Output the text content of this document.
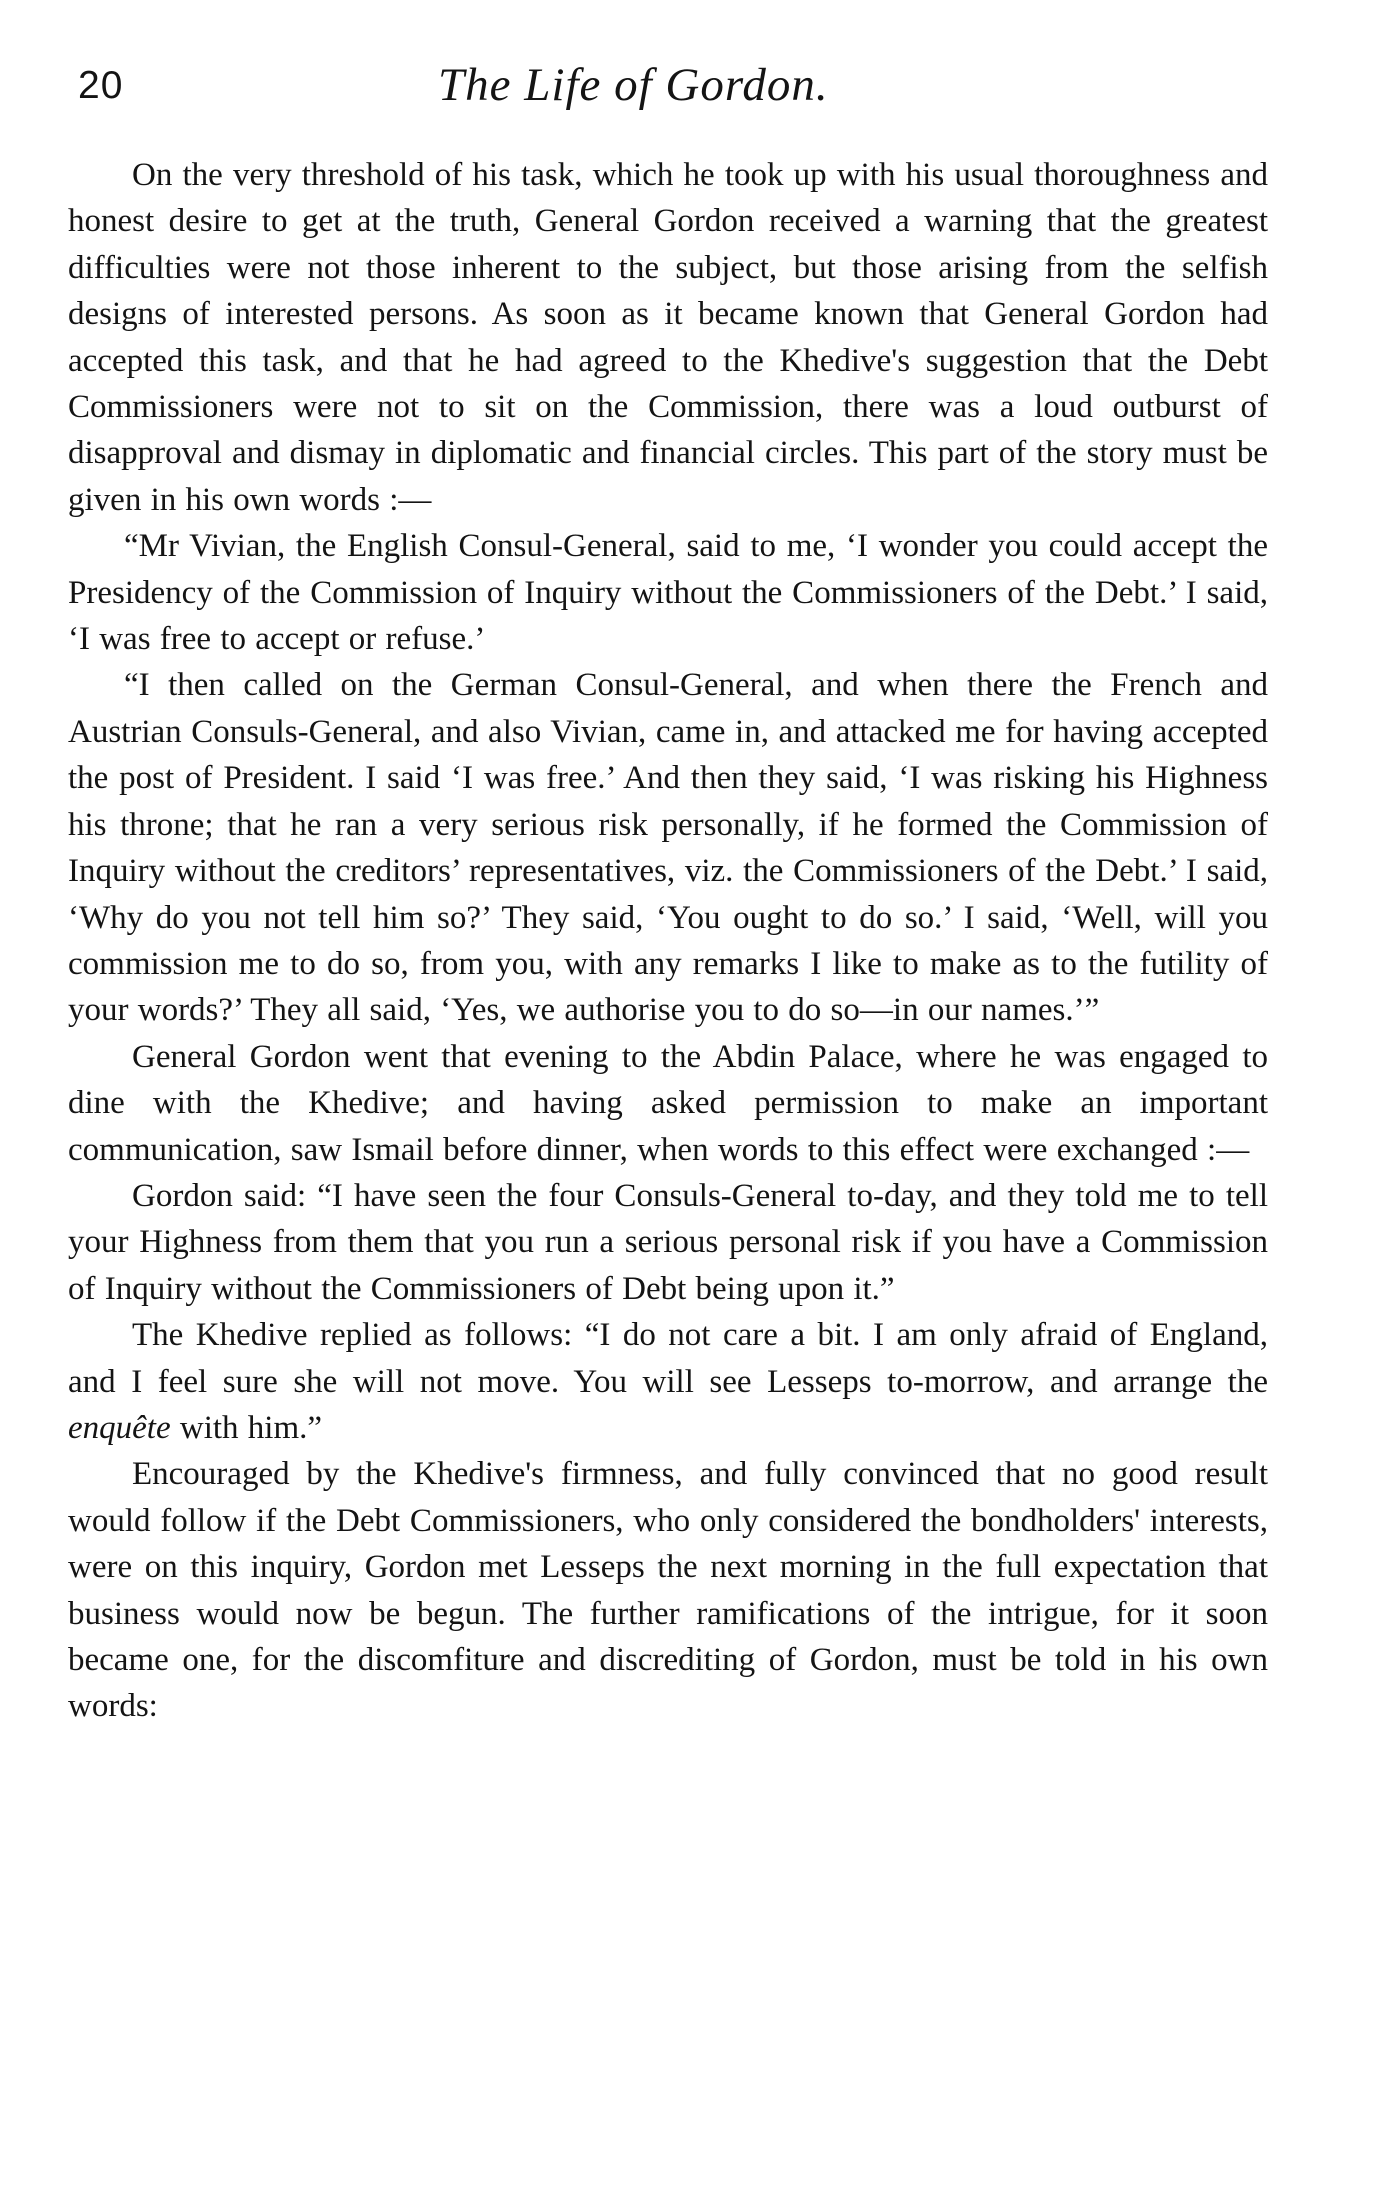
20	The Life of Gordon.

On the very threshold of his task, which he took up with his usual thoroughness and honest desire to get at the truth, General Gordon received a warning that the greatest difficulties were not those inherent to the subject, but those arising from the selfish designs of interested persons. As soon as it became known that General Gordon had accepted this task, and that he had agreed to the Khedive's suggestion that the Debt Commissioners were not to sit on the Commission, there was a loud outburst of disapproval and dismay in diplomatic and financial circles. This part of the story must be given in his own words :—

“Mr Vivian, the English Consul-General, said to me, ‘I wonder you could accept the Presidency of the Commission of Inquiry without the Commissioners of the Debt.’ I said, ‘I was free to accept or refuse.’

“I then called on the German Consul-General, and when there the French and Austrian Consuls-General, and also Vivian, came in, and attacked me for having accepted the post of President. I said ‘I was free.’ And then they said, ‘I was risking his Highness his throne; that he ran a very serious risk personally, if he formed the Commission of Inquiry without the creditors’ representatives, viz. the Commissioners of the Debt.’ I said, ‘Why do you not tell him so?’ They said, ‘You ought to do so.’ I said, ‘Well, will you commission me to do so, from you, with any remarks I like to make as to the futility of your words?’ They all said, ‘Yes, we authorise you to do so—in our names.’”

General Gordon went that evening to the Abdin Palace, where he was engaged to dine with the Khedive; and having asked permission to make an important communication, saw Ismail before dinner, when words to this effect were exchanged :—

Gordon said: “I have seen the four Consuls-General to-day, and they told me to tell your Highness from them that you run a serious personal risk if you have a Commission of Inquiry without the Commissioners of Debt being upon it.”

The Khedive replied as follows: “I do not care a bit. I am only afraid of England, and I feel sure she will not move. You will see Lesseps to-morrow, and arrange the enquête with him.”

Encouraged by the Khedive's firmness, and fully convinced that no good result would follow if the Debt Commissioners, who only considered the bondholders' interests, were on this inquiry, Gordon met Lesseps the next morning in the full expectation that business would now be begun. The further ramifications of the intrigue, for it soon became one, for the discomfiture and discrediting of Gordon, must be told in his own words:
